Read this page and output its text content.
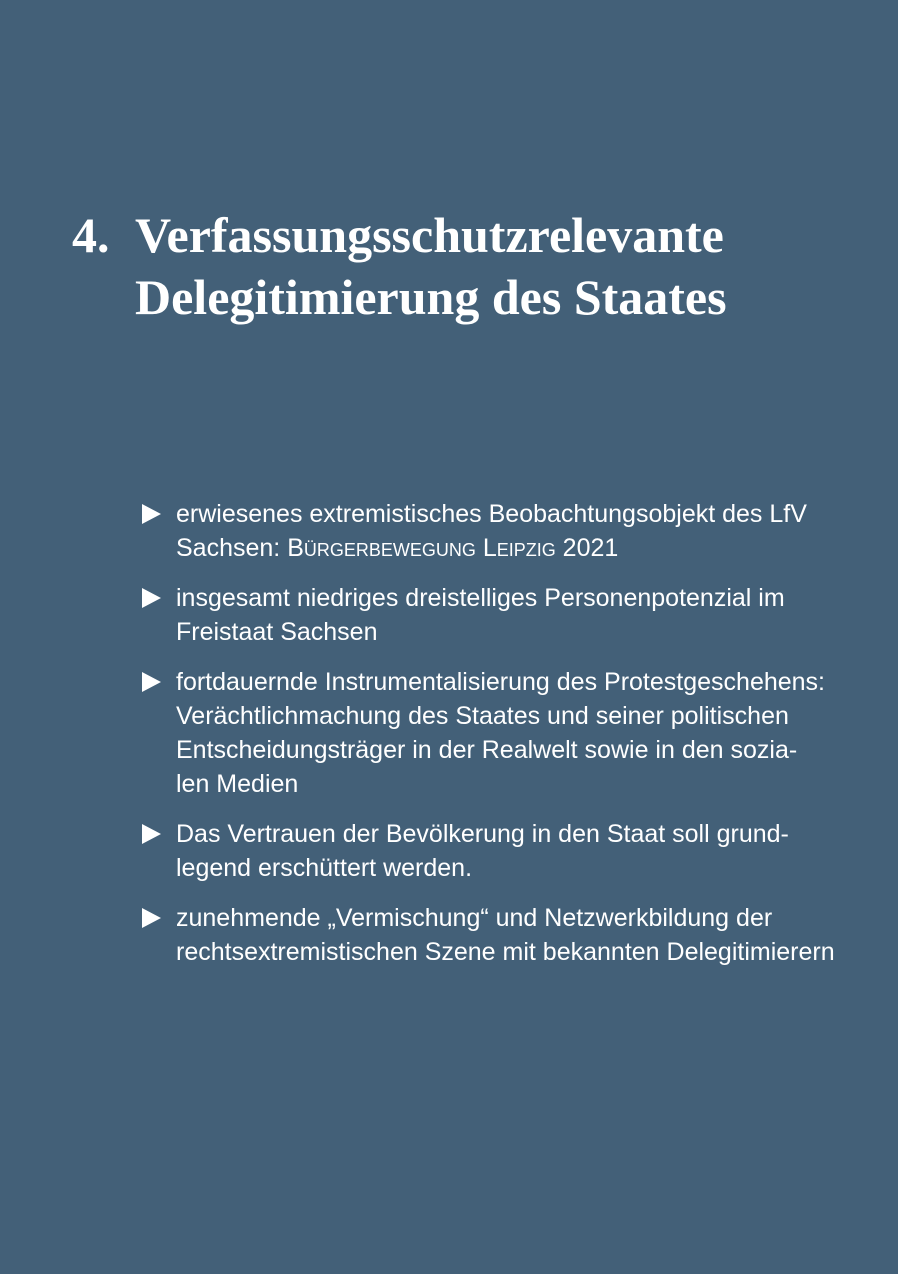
4. Verfassungsschutzrelevante
Delegitimierung des Staates
erwiesenes extremistisches Beobachtungsobjekt des LfV
Sachsen: Bürgerbewegung Leipzig 2021
insgesamt niedriges dreistelliges Personenpotenzial im
Freistaat Sachsen
fortdauernde Instrumentalisierung des Protestgeschehens:
Verächtlichmachung des Staates und seiner politischen
Entscheidungsträger in der Realwelt sowie in den sozia-
len Medien
Das Vertrauen der Bevölkerung in den Staat soll grund-
legend erschüttert werden.
zunehmende „Vermischung“ und Netzwerkbildung der
rechtsextremistischen Szene mit bekannten Delegitimierern
